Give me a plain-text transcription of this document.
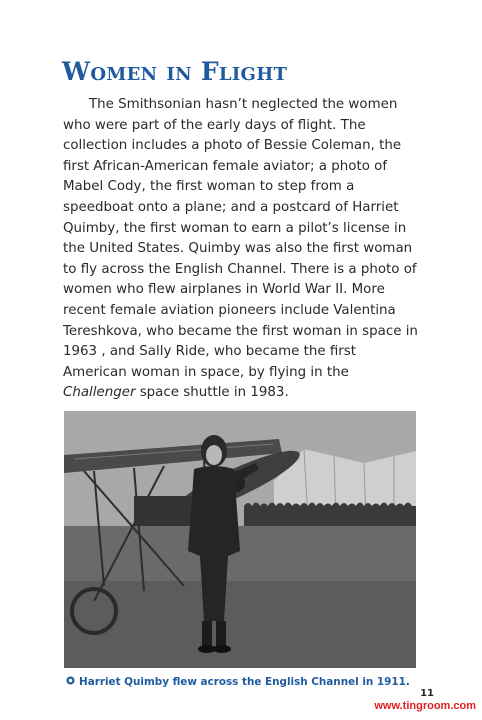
Women in Flight

The Smithsonian hasn’t neglected the women who were part of the early days of flight. The collection includes a photo of Bessie Coleman, the first African-American female aviator; a photo of Mabel Cody, the first woman to step from a speedboat onto a plane; and a postcard of Harriet Quimby, the first woman to earn a pilot’s license in the United States. Quimby was also the first woman to fly across the English Channel. There is a photo of women who flew airplanes in World War II. More recent female aviation pioneers include Valentina Tereshkova, who became the first woman in space in 1963 , and Sally Ride, who became the first American woman in space, by flying in the Challenger space shuttle in 1983.

Harriet Quimby flew across the English Channel in 1911.
11
www.tingroom.com
